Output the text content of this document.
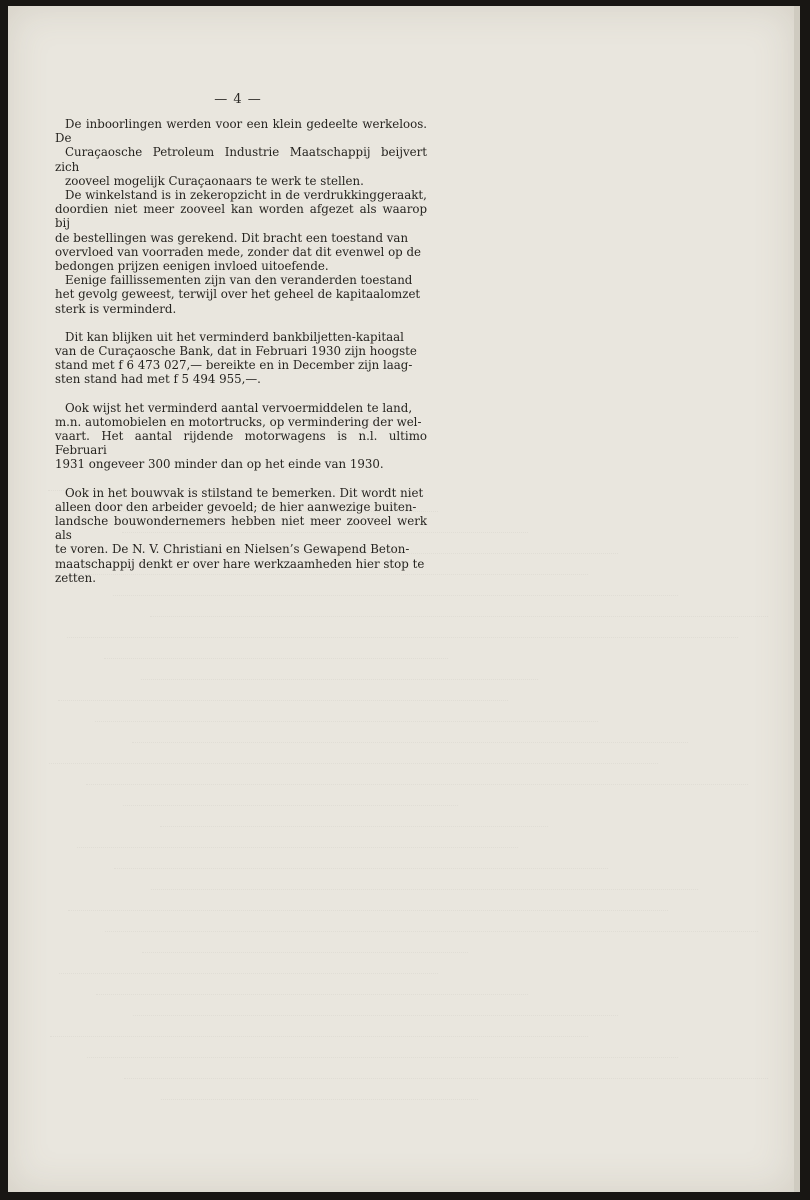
— 4 —
De inboorlingen werden voor een klein gedeelte werkeloos. De
Curaçaosche Petroleum Industrie Maatschappij beijvert zich
zooveel mogelijk Curaçaonaars te werk te stellen.
De winkelstand is in zekeropzicht in de verdrukkinggeraakt,
doordien niet meer zooveel kan worden afgezet als waarop bij
de bestellingen was gerekend. Dit bracht een toestand van
overvloed van voorraden mede, zonder dat dit evenwel op de
bedongen prijzen eenigen invloed uitoefende.
Eenige faillissementen zijn van den veranderden toestand
het gevolg geweest, terwijl over het geheel de kapitaalomzet
sterk is verminderd.
Dit kan blijken uit het verminderd bankbiljetten-kapitaal
van de Curaçaosche Bank, dat in Februari 1930 zijn hoogste
stand met f 6 473 027,— bereikte en in December zijn laag-
sten stand had met f 5 494 955,—.
Ook wijst het verminderd aantal vervoermiddelen te land,
m.n. automobielen en motortrucks, op vermindering der wel-
vaart. Het aantal rijdende motorwagens is n.l. ultimo Februari
1931 ongeveer 300 minder dan op het einde van 1930.
Ook in het bouwvak is stilstand te bemerken. Dit wordt niet
alleen door den arbeider gevoeld; de hier aanwezige buiten-
landsche bouwondernemers hebben niet meer zooveel werk als
te voren. De N. V. Christiani en Nielsen’s Gewapend Beton-
maatschappij denkt er over hare werkzaamheden hier stop te
zetten.
